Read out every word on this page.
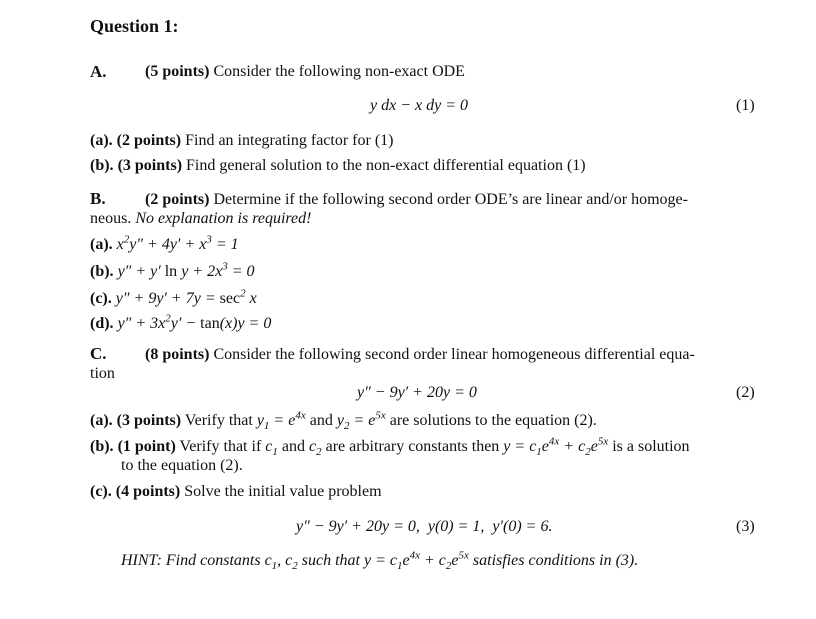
Question 1:
A. (5 points) Consider the following non-exact ODE
y dx − x dy = 0	(1)
(a). (2 points) Find an integrating factor for (1)
(b). (3 points) Find general solution to the non-exact differential equation (1)
B. (2 points) Determine if the following second order ODE’s are linear and/or homoge-
neous. No explanation is required!
(a). $x^2y'' + 4y' + x^3 = 1$
(b). y″ + y′ $\ln y + 2x^3 = 0$
(c). $y'' + 9y' + 7y = \sec^2 x$
(d). $y'' + 3x^2y' - \tan(x)y = 0$
C. (8 points) Consider the following second order linear homogeneous differential equa-
tion
y″ − 9y′ + 20y = 0	(2)
(a). (3 points) Verify that $y_1 = e^{4x}$ and $y_2 = e^{5x}$ are solutions to the equation (2).
(b). (1 point) Verify that if $c_1$ and $c_2$ are arbitrary constants then $y = c_1e^{4x} + c_2e^{5x}$ is a solution
to the equation (2).
(c). (4 points) Solve the initial value problem
y″ − 9y′ + 20y = 0,  y(0) = 1,  y′(0) = 6.	(3)
HINT: Find constants $c_1$, $c_2$ such that $y = c_1e^{4x} + c_2e^{5x}$ satisfies conditions in (3).
